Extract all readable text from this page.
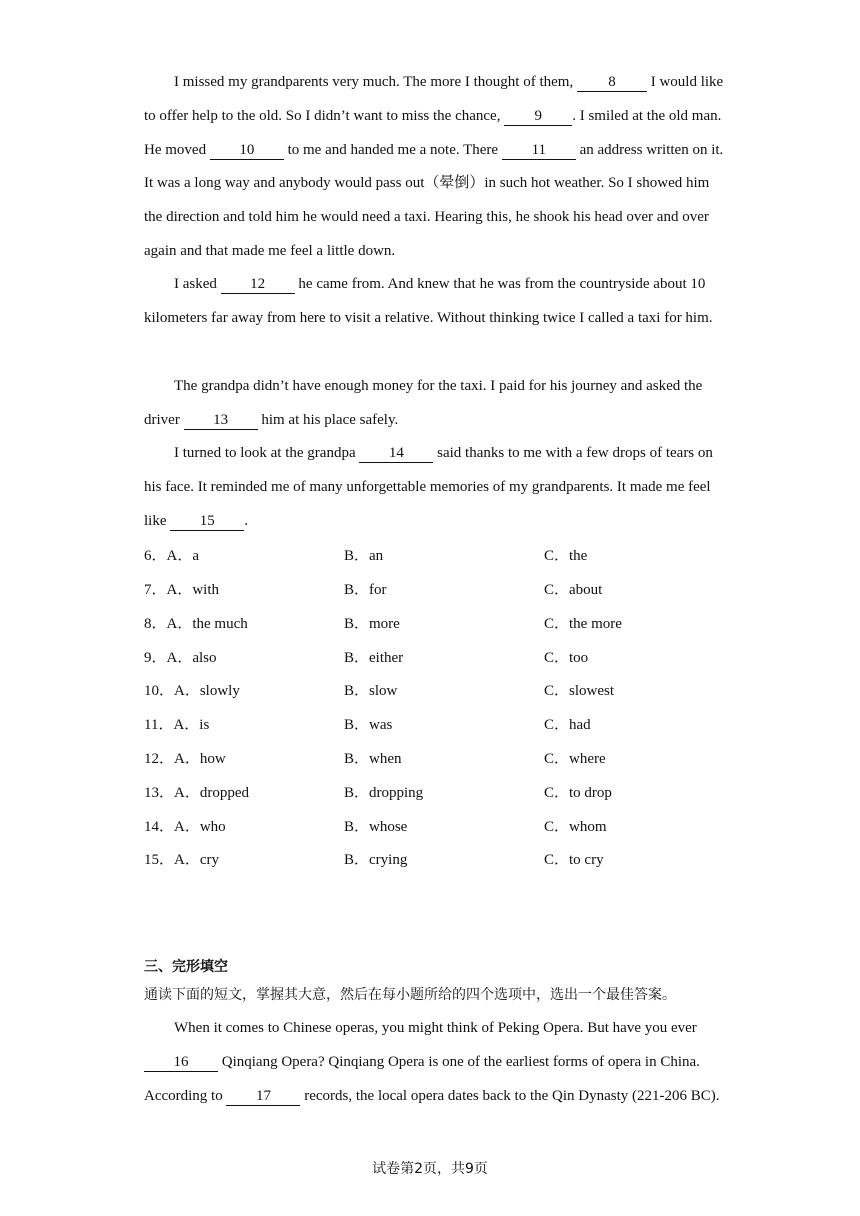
I missed my grandparents very much. The more I thought of them, 8 I would like to offer help to the old. So I didn’t want to miss the chance, 9 . I smiled at the old man. He moved 10 to me and handed me a note. There 11 an address written on it. It was a long way and anybody would pass out（晕倒）in such hot weather. So I showed him the direction and told him he would need a taxi. Hearing this, he shook his head over and over again and that made me feel a little down.

I asked 12 he came from. And knew that he was from the countryside about 10 kilometers far away from here to visit a relative. Without thinking twice I called a taxi for him.

The grandpa didn’t have enough money for the taxi. I paid for his journey and asked the driver 13 him at his place safely.

I turned to look at the grandpa 14 said thanks to me with a few drops of tears on his face. It reminded me of many unforgettable memories of my grandparents. It made me feel like 15 .

6．A．a	B．an	C．the
7．A．with	B．for	C．about
8．A．the much	B．more	C．the more
9．A．also	B．either	C．too
10．A．slowly	B．slow	C．slowest
11．A．is	B．was	C．had
12．A．how	B．when	C．where
13．A．dropped	B．dropping	C．to drop
14．A．who	B．whose	C．whom
15．A．cry	B．crying	C．to cry
三、完形填空
通读下面的短文，掌握其大意，然后在每小题所给的四个选项中，选出一个最佳答案。

When it comes to Chinese operas, you might think of Peking Opera. But have you ever 16 Qinqiang Opera? Qinqiang Opera is one of the earliest forms of opera in China. According to 17 records, the local opera dates back to the Qin Dynasty (221-206 BC).

试卷第2页，共9页
